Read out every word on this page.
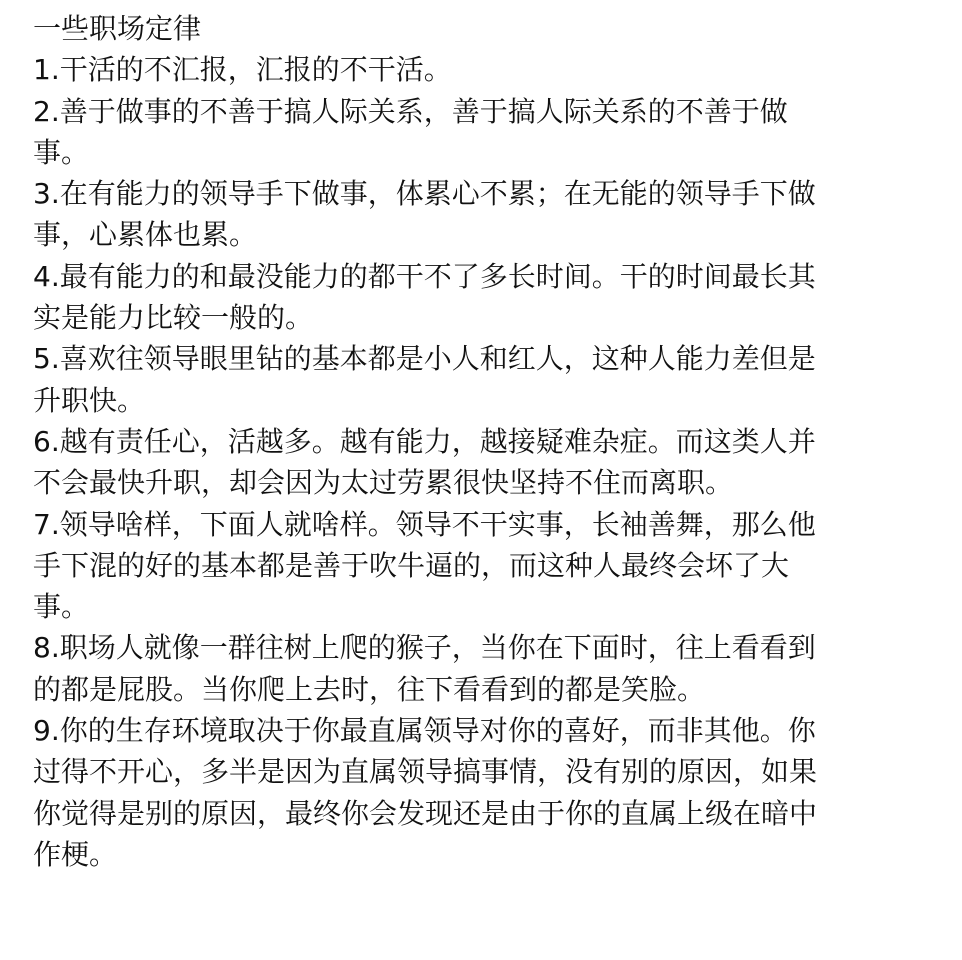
一些职场定律

1.干活的不汇报，汇报的不干活。

2.善于做事的不善于搞人际关系，善于搞人际关系的不善于做

事。

3.在有能力的领导手下做事，体累心不累；在无能的领导手下做

事，心累体也累。

4.最有能力的和最没能力的都干不了多长时间。干的时间最长其

实是能力比较一般的。

5.喜欢往领导眼里钻的基本都是小人和红人，这种人能力差但是

升职快。

6.越有责任心，活越多。越有能力，越接疑难杂症。而这类人并

不会最快升职，却会因为太过劳累很快坚持不住而离职。

7.领导啥样，下面人就啥样。领导不干实事，长袖善舞，那么他

手下混的好的基本都是善于吹牛逼的，而这种人最终会坏了大

事。

8.职场人就像一群往树上爬的猴子，当你在下面时，往上看看到

的都是屁股。当你爬上去时，往下看看到的都是笑脸。

9.你的生存环境取决于你最直属领导对你的喜好，而非其他。你

过得不开心，多半是因为直属领导搞事情，没有别的原因，如果

你觉得是别的原因，最终你会发现还是由于你的直属上级在暗中

作梗。
